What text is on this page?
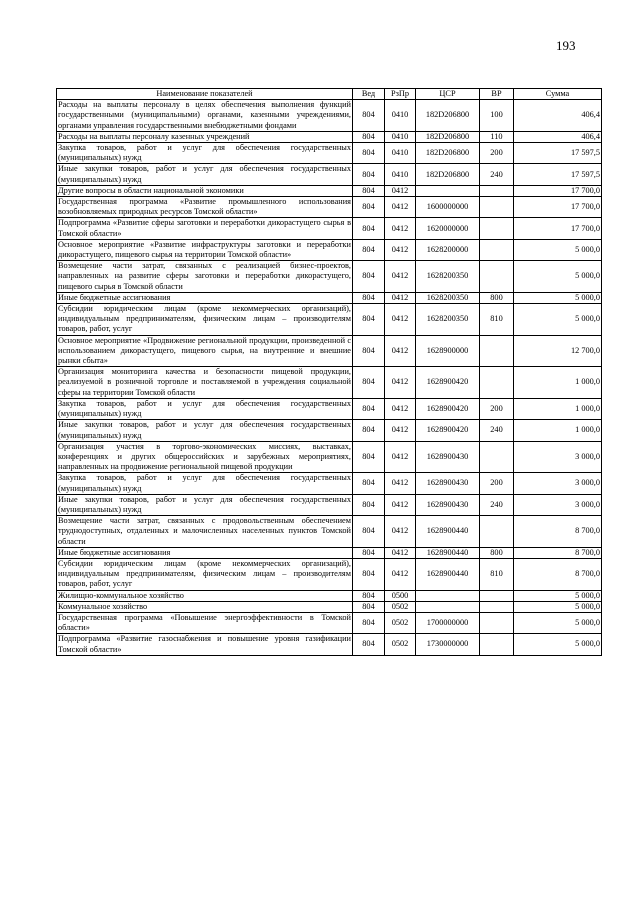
193
Наименование показателей	Вед	РзПр	ЦСР	ВР	Сумма
Расходы на выплаты персоналу в целях обеспечения выполнения функций государственными (муниципальными) органами, казенными учреждениями, органами управления государственными внебюджетными фондами	804	0410	182D206800	100	406,4
Расходы на выплаты персоналу казенных учреждений	804	0410	182D206800	110	406,4
Закупка товаров, работ и услуг для обеспечения государственных (муниципальных) нужд	804	0410	182D206800	200	17 597,5
Иные закупки товаров, работ и услуг для обеспечения государственных (муниципальных) нужд	804	0410	182D206800	240	17 597,5
Другие вопросы в области национальной экономики	804	0412			17 700,0
Государственная программа «Развитие промышленного использования возобновляемых природных ресурсов Томской области»	804	0412	1600000000		17 700,0
Подпрограмма «Развитие сферы заготовки и переработки дикорастущего сырья в Томской области»	804	0412	1620000000		17 700,0
Основное мероприятие «Развитие инфраструктуры заготовки и переработки дикорастущего, пищевого сырья на территории Томской области»	804	0412	1628200000		5 000,0
Возмещение части затрат, связанных с реализацией бизнес-проектов, направленных на развитие сферы заготовки и переработки дикорастущего, пищевого сырья в Томской области	804	0412	1628200350		5 000,0
Иные бюджетные ассигнования	804	0412	1628200350	800	5 000,0
Субсидии юридическим лицам (кроме некоммерческих организаций), индивидуальным предпринимателям, физическим лицам – производителям товаров, работ, услуг	804	0412	1628200350	810	5 000,0
Основное мероприятие «Продвижение региональной продукции, произведенной с использованием дикорастущего, пищевого сырья, на внутренние и внешние рынки сбыта»	804	0412	1628900000		12 700,0
Организация мониторинга качества и безопасности пищевой продукции, реализуемой в розничной торговле и поставляемой в учреждения социальной сферы на территории Томской области	804	0412	1628900420		1 000,0
Закупка товаров, работ и услуг для обеспечения государственных (муниципальных) нужд	804	0412	1628900420	200	1 000,0
Иные закупки товаров, работ и услуг для обеспечения государственных (муниципальных) нужд	804	0412	1628900420	240	1 000,0
Организация участия в торгово-экономических миссиях, выставках, конференциях и других общероссийских и зарубежных мероприятиях, направленных на продвижение региональной пищевой продукции	804	0412	1628900430		3 000,0
Закупка товаров, работ и услуг для обеспечения государственных (муниципальных) нужд	804	0412	1628900430	200	3 000,0
Иные закупки товаров, работ и услуг для обеспечения государственных (муниципальных) нужд	804	0412	1628900430	240	3 000,0
Возмещение части затрат, связанных с продовольственным обеспечением труднодоступных, отдаленных и малочисленных населенных пунктов Томской области	804	0412	1628900440		8 700,0
Иные бюджетные ассигнования	804	0412	1628900440	800	8 700,0
Субсидии юридическим лицам (кроме некоммерческих организаций), индивидуальным предпринимателям, физическим лицам – производителям товаров, работ, услуг	804	0412	1628900440	810	8 700,0
Жилищно-коммунальное хозяйство	804	0500			5 000,0
Коммунальное хозяйство	804	0502			5 000,0
Государственная программа «Повышение энергоэффективности в Томской области»	804	0502	1700000000		5 000,0
Подпрограмма «Развитие газоснабжения и повышение уровня газификации Томской области»	804	0502	1730000000		5 000,0
